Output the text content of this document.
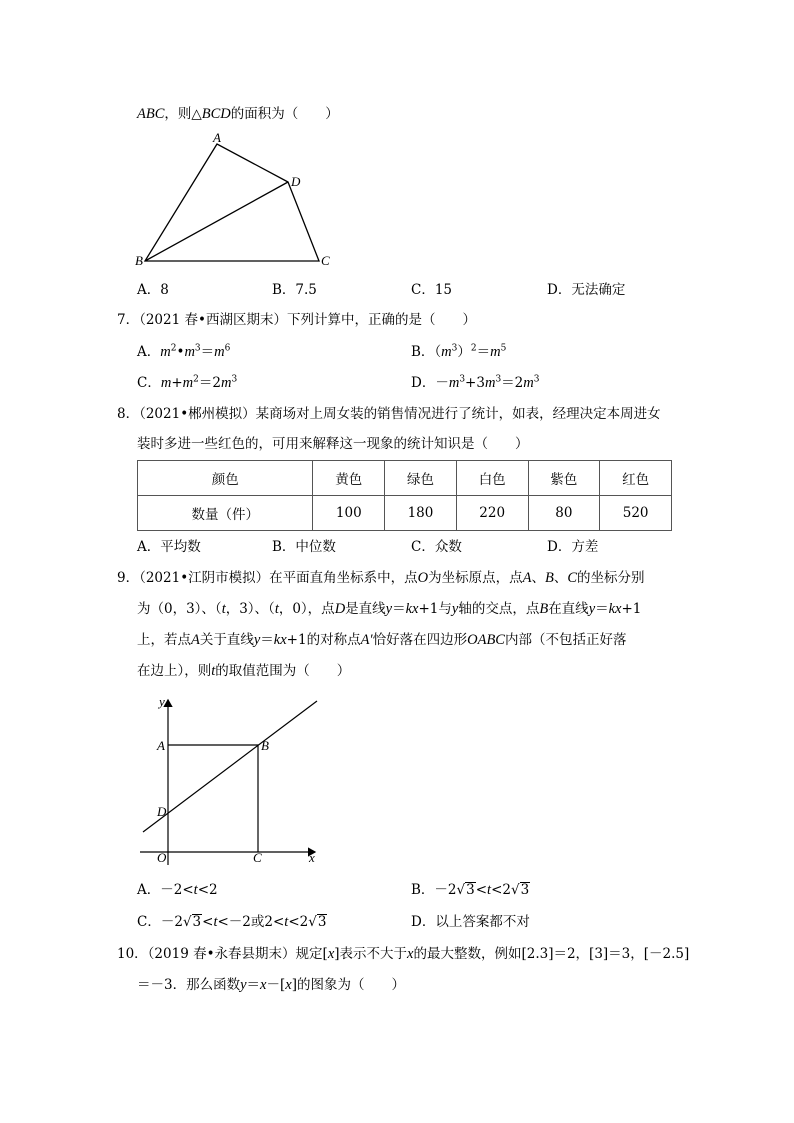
ABC，则△BCD的面积为（　　）
A
B	C
D
A．8	B．7.5	C．15	D．无法确定
7．（2021 春•西湖区期末）下列计算中，正确的是（　　）
A．$m^2•m^3=m^6$	B．$(m^3)^2=m^5$
C．$m+m^2=2m^3$	D．$-m^3+3m^3=2m^3$
8．（2021•郴州模拟）某商场对上周女装的销售情况进行了统计，如表，经理决定本周进女
装时多进一些红色的，可用来解释这一现象的统计知识是（　　）
颜色	黄色	绿色	白色	紫色	红色
数量（件）	100	180	220	80	520
A．平均数	B．中位数	C．众数	D．方差
9．（2021•江阴市模拟）在平面直角坐标系中，点O为坐标原点，点A、B、C的坐标分别
为（0，3）、（t，3）、（t，0），点D是直线y＝kx+1与y轴的交点，点B在直线y＝kx+1
上，若点A关于直线y＝kx+1的对称点A′恰好落在四边形OABC内部（不包括正好落
在边上），则t的取值范围为（　　）
y
x
A	B
C
D
O
A．－2<t<2	B．－2√3<t<2√3
C．－2√3<t<－2或2<t<2√3	D．以上答案都不对
10．（2019 春•永春县期末）规定[x]表示不大于x的最大整数，例如[2.3]＝2，[3]＝3，[－2.5]
＝－3．那么函数y＝x－[x]的图象为（　　）
